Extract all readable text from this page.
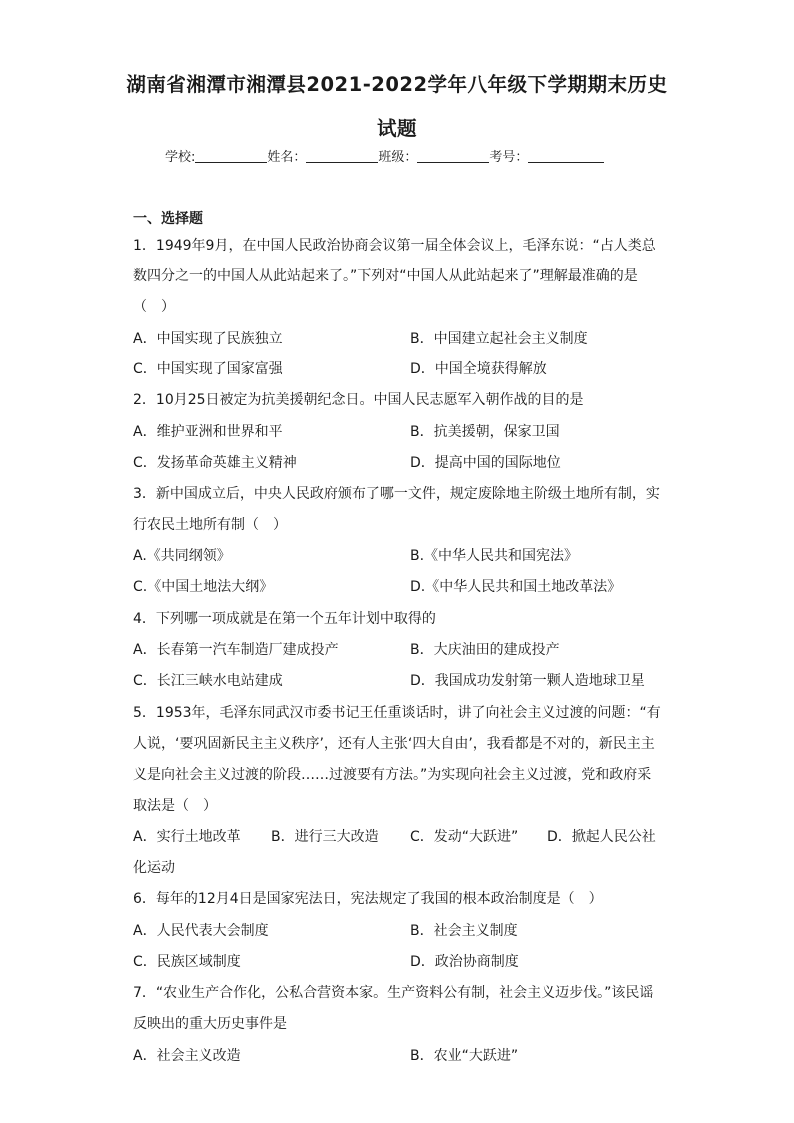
湖南省湘潭市湘潭县2021-2022学年八年级下学期期末历史
试题
学校:	姓名：	班级：	考号：
一、选择题
1．1949年9月，在中国人民政治协商会议第一届全体会议上，毛泽东说：“占人类总
数四分之一的中国人从此站起来了。”下列对“中国人从此站起来了”理解最准确的是
（　）
A．中国实现了民族独立	B．中国建立起社会主义制度
C．中国实现了国家富强	D．中国全境获得解放
2．10月25日被定为抗美援朝纪念日。中国人民志愿军入朝作战的目的是
A．维护亚洲和世界和平	B．抗美援朝，保家卫国
C．发扬革命英雄主义精神	D．提高中国的国际地位
3．新中国成立后，中央人民政府颁布了哪一文件，规定废除地主阶级土地所有制，实
行农民土地所有制（　）
A.《共同纲领》	B.《中华人民共和国宪法》
C.《中国土地法大纲》	D.《中华人民共和国土地改革法》
4．下列哪一项成就是在第一个五年计划中取得的
A．长春第一汽车制造厂建成投产	B．大庆油田的建成投产
C．长江三峡水电站建成	D．我国成功发射第一颗人造地球卫星
5．1953年，毛泽东同武汉市委书记王任重谈话时，讲了向社会主义过渡的问题：“有
人说，‘要巩固新民主主义秩序’，还有人主张‘四大自由’，我看都是不对的，新民主主
义是向社会主义过渡的阶段……过渡要有方法。”为实现向社会主义过渡，党和政府采
取法是（　）
A．实行土地改革 B．进行三大改造 C．发动“大跃进” D．掀起人民公社
化运动
6．每年的12月4日是国家宪法日，宪法规定了我国的根本政治制度是（　）
A．人民代表大会制度	B．社会主义制度
C．民族区域制度	D．政治协商制度
7．“农业生产合作化，公私合营资本家。生产资料公有制，社会主义迈步伐。”该民谣
反映出的重大历史事件是
A．社会主义改造	B．农业“大跃进”
